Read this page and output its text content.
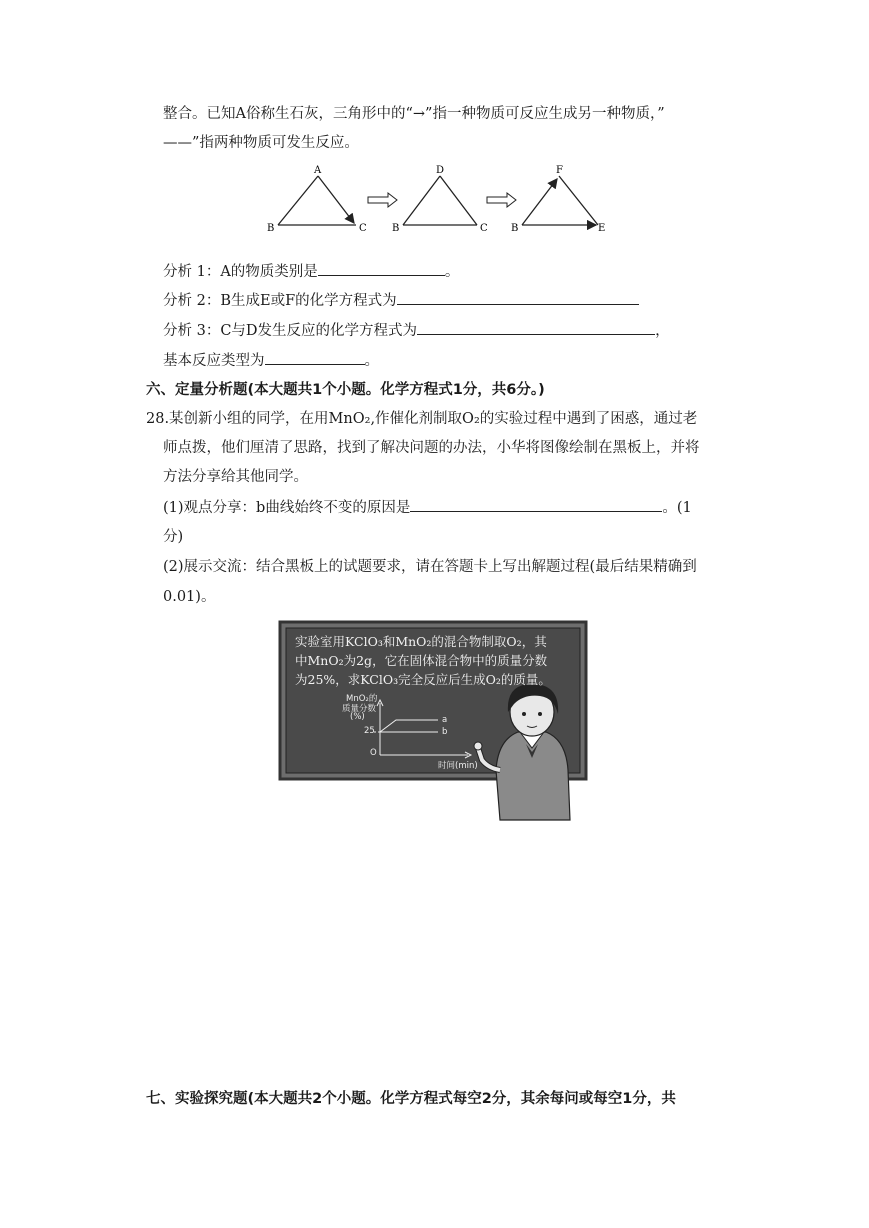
整合。已知A俗称生石灰，三角形中的“→”指一种物质可反应生成另一种物质，”
——”指两种物质可发生反应。
A
B	C
D
B	C
F
B	E
分析 1：A的物质类别是	。
分析 2：B生成E或F的化学方程式为
分析 3：C与D发生反应的化学方程式为	，
基本反应类型为	。
六、定量分析题(本大题共1个小题。化学方程式1分，共6分。)
28.某创新小组的同学，在用MnO₂,作催化剂制取O₂的实验过程中遇到了困惑，通过老
师点拨，他们厘清了思路，找到了解决问题的办法，小华将图像绘制在黑板上，并将
方法分享给其他同学。
(1)观点分享：b曲线始终不变的原因是	。(1
分)
(2)展示交流：结合黑板上的试题要求，请在答题卡上写出解题过程(最后结果精确到
0.01)。
实验室用KClO₃和MnO₂的混合物制取O₂，其
中MnO₂为2g，它在固体混合物中的质量分数
为25%，求KClO₃完全反应后生成O₂的质量。
MnO₂的
质量分数
(%)
25
O
a
b
时间(min)
七、实验探究题(本大题共2个小题。化学方程式每空2分，其余每问或每空1分，共
